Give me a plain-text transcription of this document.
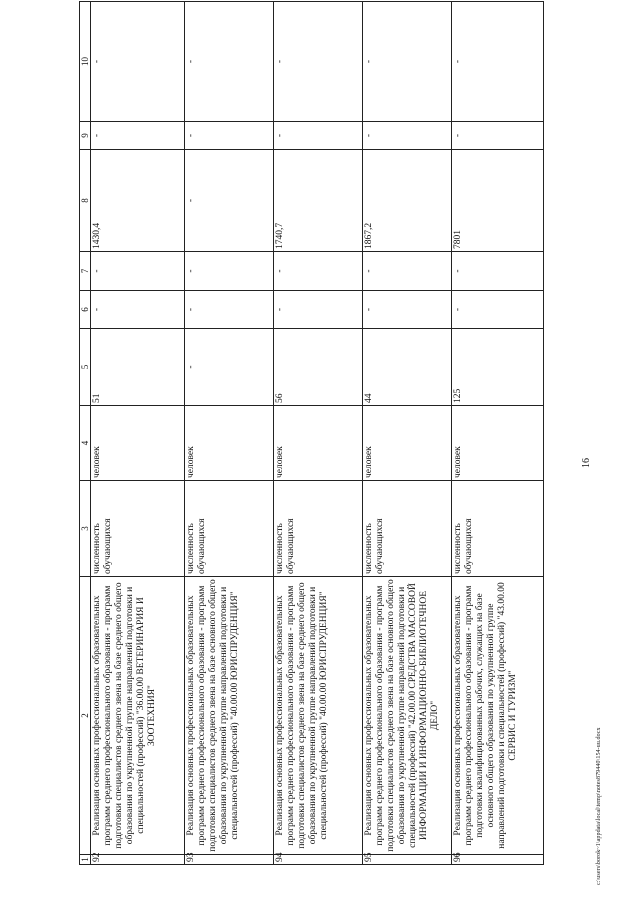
16
1	2	3	4	5	6	7	8	9	10
92	Реализация основных профессиональных образовательных программ среднего профессионального образования - программ подготовки специалистов среднего звена на базе среднего общего образования по укрупненной группе направлений подготовки и специальностей (профессий) "36.00.00 ВЕТЕРИНАРИЯ И ЗООТЕХНИЯ"	численность обучающихся	человек	51	-	-	1430,4	-	-
93	Реализация основных профессиональных образовательных программ среднего профессионального образования - программ подготовки специалистов среднего звена на базе основного общего образования по укрупненной группе направлений подготовки и специальностей (профессий) "40.00.00 ЮРИСПРУДЕНЦИЯ"	численность обучающихся	человек	-	-	-	-	-	-
94	Реализация основных профессиональных образовательных программ среднего профессионального образования - программ подготовки специалистов среднего звена на базе среднего общего образования по укрупненной группе направлений подготовки и специальностей (профессий) "40.00.00 ЮРИСПРУДЕНЦИЯ"	численность обучающихся	человек	56	-	-	1740,7	-	-
95	Реализация основных профессиональных образовательных программ среднего профессионального образования - программ подготовки специалистов среднего звена на базе основного общего образования по укрупненной группе направлений подготовки и специальностей (профессий) "42.00.00 СРЕДСТВА МАССОВОЙ ИНФОРМАЦИИ И ИНФОРМАЦИОННО-БИБЛИОТЕЧНОЕ ДЕЛО"	численность обучающихся	человек	44	-	-	1867,2	-	-
96	Реализация основных профессиональных образовательных программ среднего профессионального образования - программ подготовки квалифицированных рабочих, служащих на базе основного общего образования по укрупненной группе направлений подготовки и специальностей (профессий) "43.00.00 СЕРВИС И ТУРИЗМ"	численность обучающихся	человек	125	-	-	7801	-	-
c:\users\borok~1\appdata\local\temp\notes879440\154-uu.docx
